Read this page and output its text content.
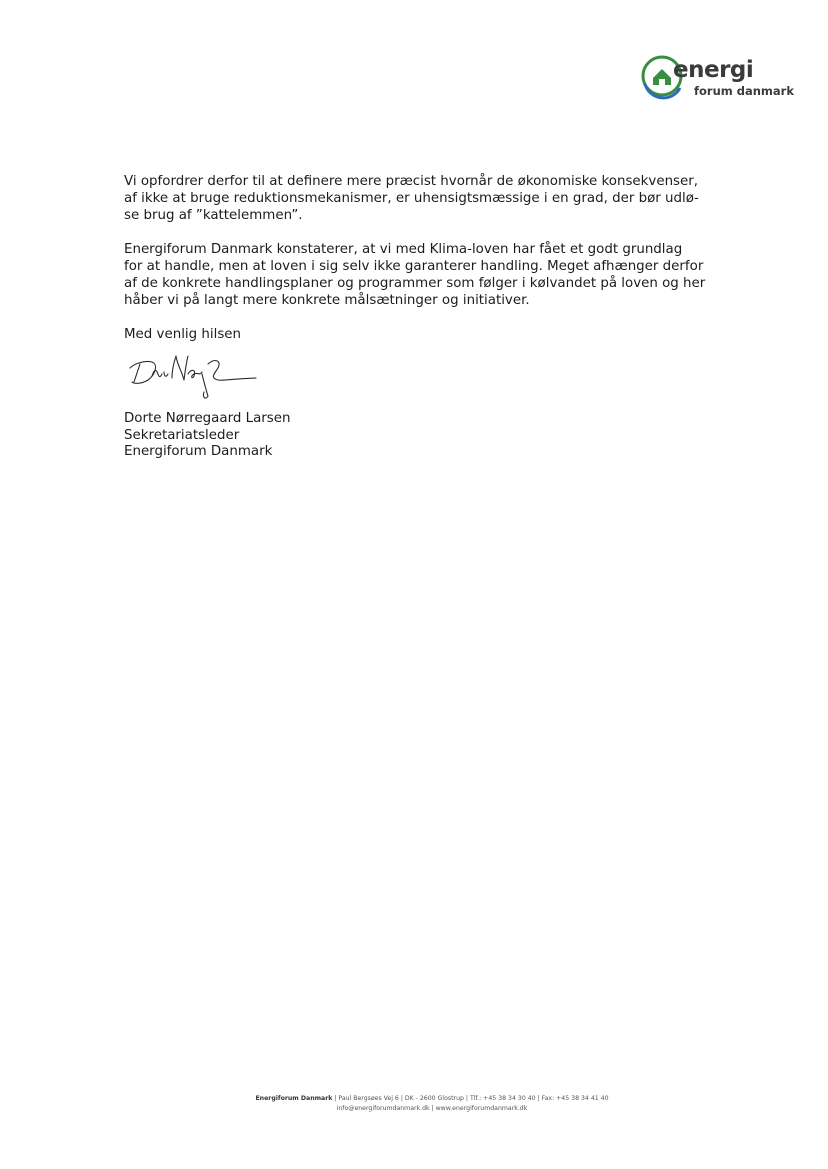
energi
forum danmark

Vi opfordrer derfor til at definere mere præcist hvornår de økonomiske konsekvenser,
af ikke at bruge reduktionsmekanismer, er uhensigtsmæssige i en grad, der bør udlø-
se brug af ”kattelemmen”.

Energiforum Danmark konstaterer, at vi med Klima-loven har fået et godt grundlag
for at handle, men at loven i sig selv ikke garanterer handling. Meget afhænger derfor
af de konkrete handlingsplaner og programmer som følger i kølvandet på loven og her
håber vi på langt mere konkrete målsætninger og initiativer.

Med venlig hilsen

Dorte Nørregaard Larsen
Sekretariatsleder
Energiforum Danmark
Energiforum Danmark | Paul Bergsøes Vej 6 | DK - 2600 Glostrup | Tlf.: +45 38 34 30 40 | Fax: +45 38 34 41 40
info@energiforumdanmark.dk | www.energiforumdanmark.dk
